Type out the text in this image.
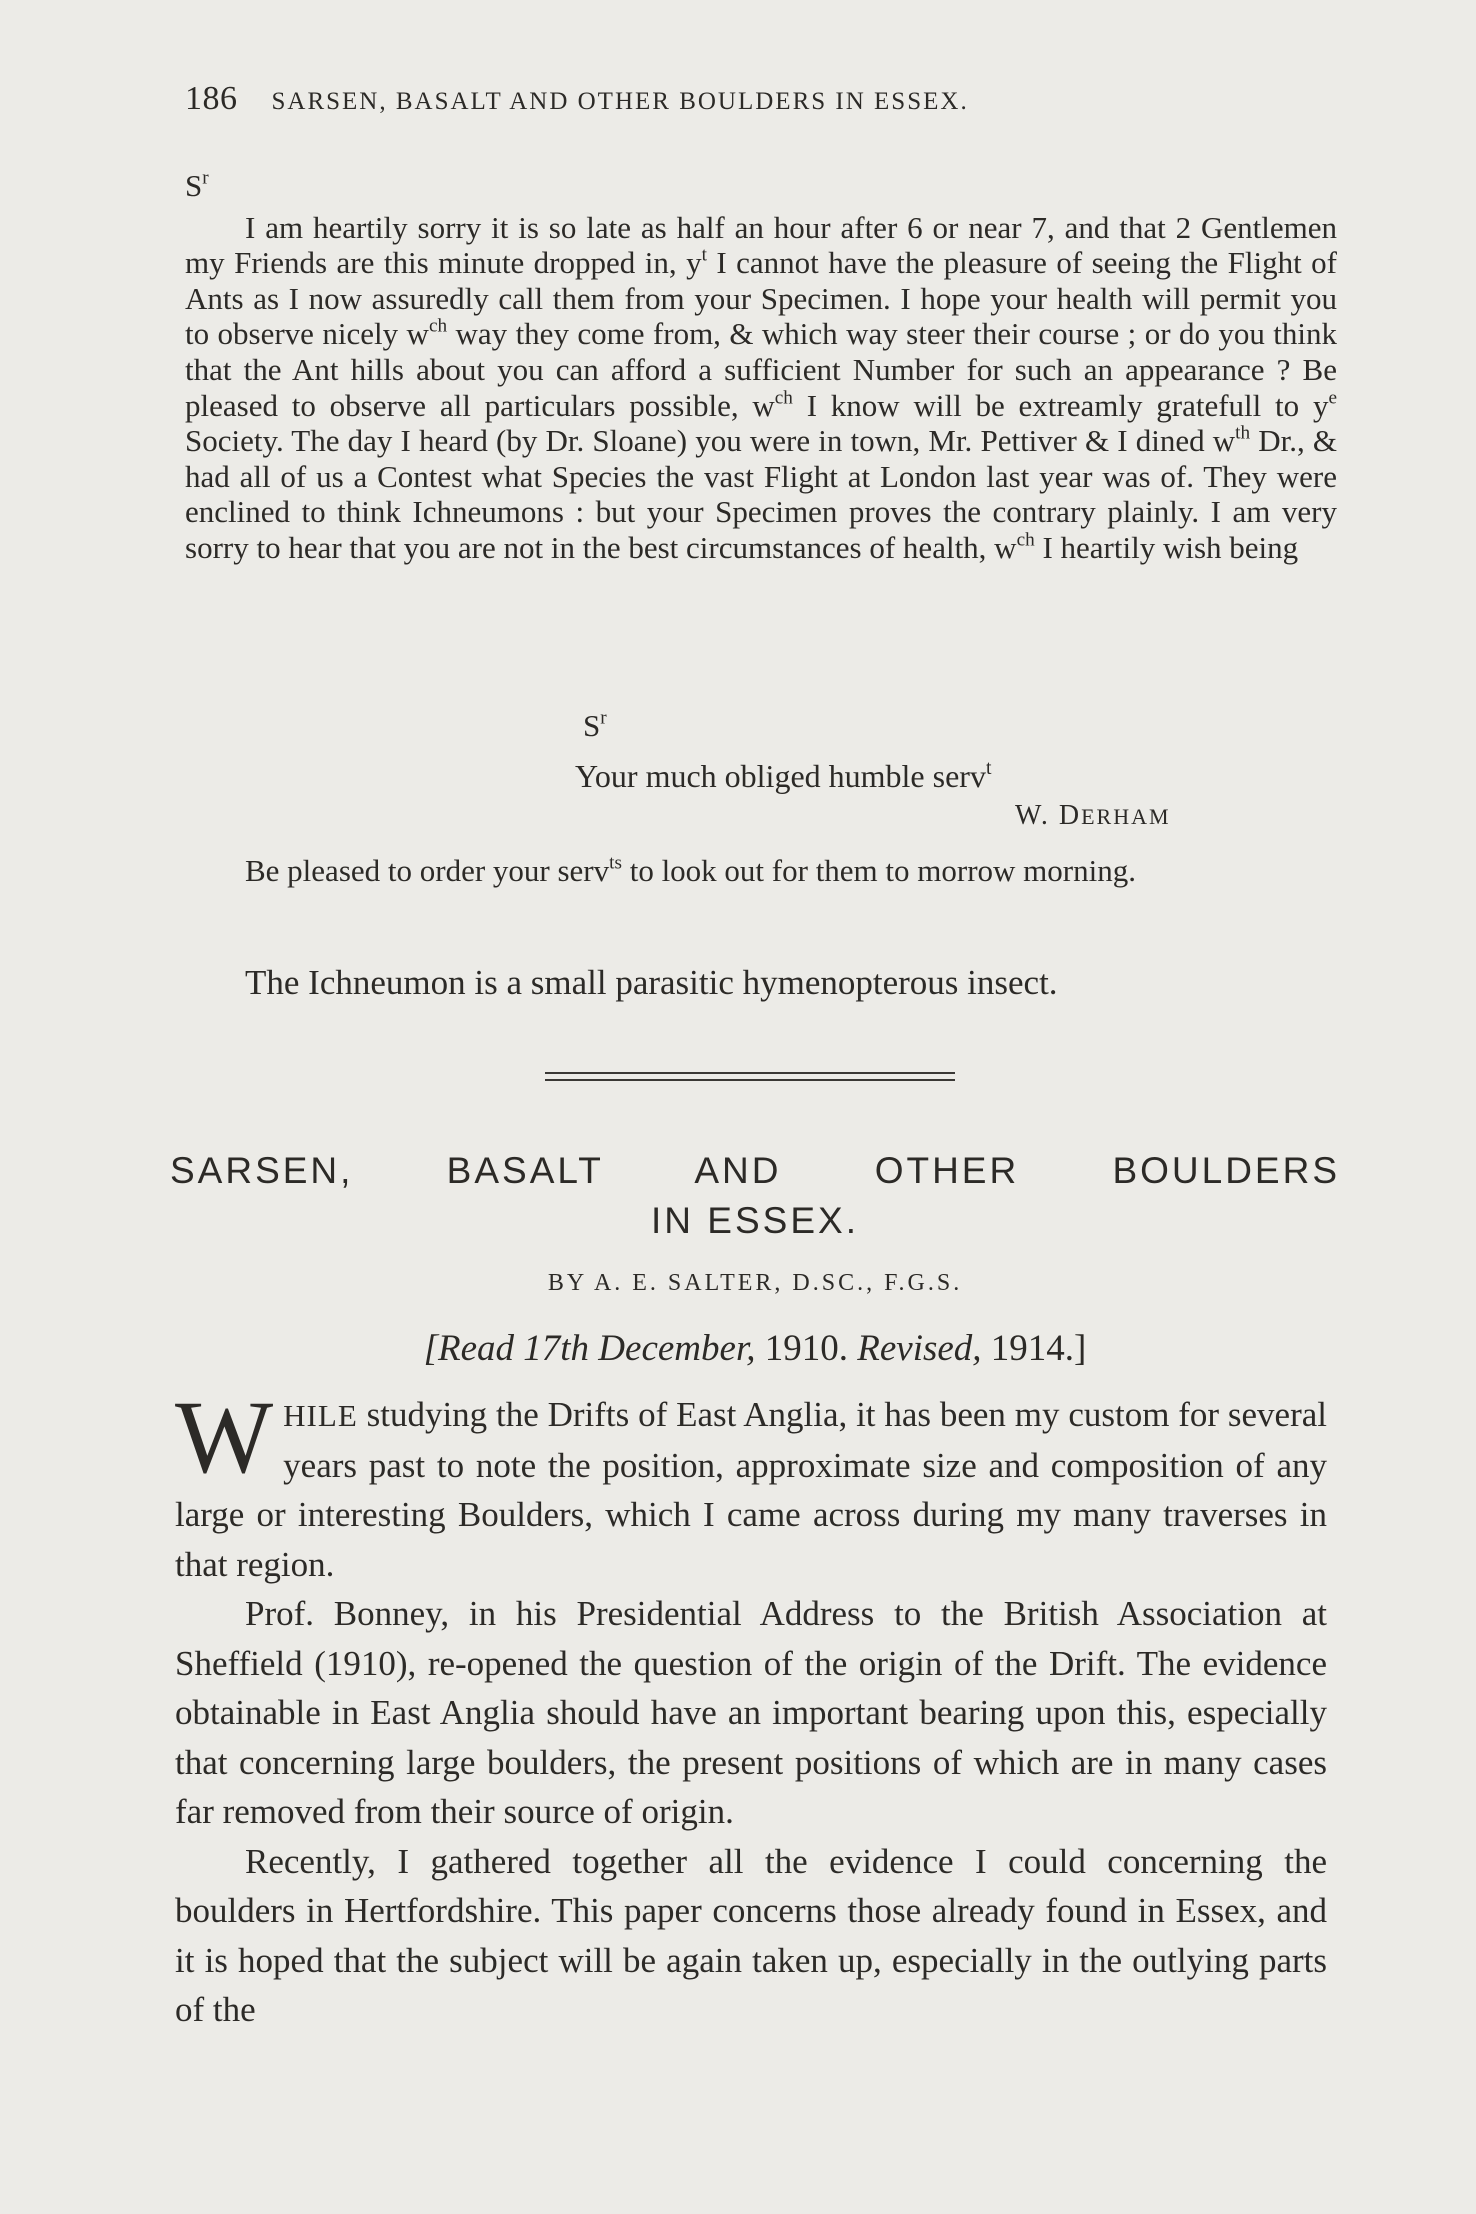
186 SARSEN, BASALT AND OTHER BOULDERS IN ESSEX.
$S^r$

I am heartily sorry it is so late as half an hour after 6 or near 7, and that 2 Gentlemen my Friends are this minute dropped in, $y^t$ I cannot have the pleasure of seeing the Flight of Ants as I now assuredly call them from your Specimen. I hope your health will permit you to observe nicely $w^{ch}$ way they come from, & which way steer their course ; or do you think that the Ant hills about you can afford a sufficient Number for such an appearance ? Be pleased to observe all particulars possible, $w^{ch}$ I know will be extreamly gratefull to $y^e$ Society. The day I heard (by Dr. Sloane) you were in town, Mr. Pettiver & I dined $w^{th}$ Dr., & had all of us a Contest what Species the vast Flight at London last year was of. They were enclined to think Ichneumons : but your Specimen proves the contrary plainly. I am very sorry to hear that you are not in the best circumstances of health, $w^{ch}$ I heartily wish being

$S^r$
Your much obliged humble serv$^t$
W. DERHAM
Be pleased to order your serv$^{ts}$ to look out for them to morrow morning.
The Ichneumon is a small parasitic hymenopterous insect.
SARSEN, BASALT AND OTHER BOULDERS
IN ESSEX.
BY A. E. SALTER, D.SC., F.G.S.
[Read 17th December, 1910. Revised, 1914.]

WHILE studying the Drifts of East Anglia, it has been my custom for several years past to note the position, approximate size and composition of any large or interesting Boulders, which I came across during my many traverses in that region.

Prof. Bonney, in his Presidential Address to the British Association at Sheffield (1910), re-opened the question of the origin of the Drift. The evidence obtainable in East Anglia should have an important bearing upon this, especially that concerning large boulders, the present positions of which are in many cases far removed from their source of origin.

Recently, I gathered together all the evidence I could concerning the boulders in Hertfordshire. This paper concerns those already found in Essex, and it is hoped that the subject will be again taken up, especially in the outlying parts of the
